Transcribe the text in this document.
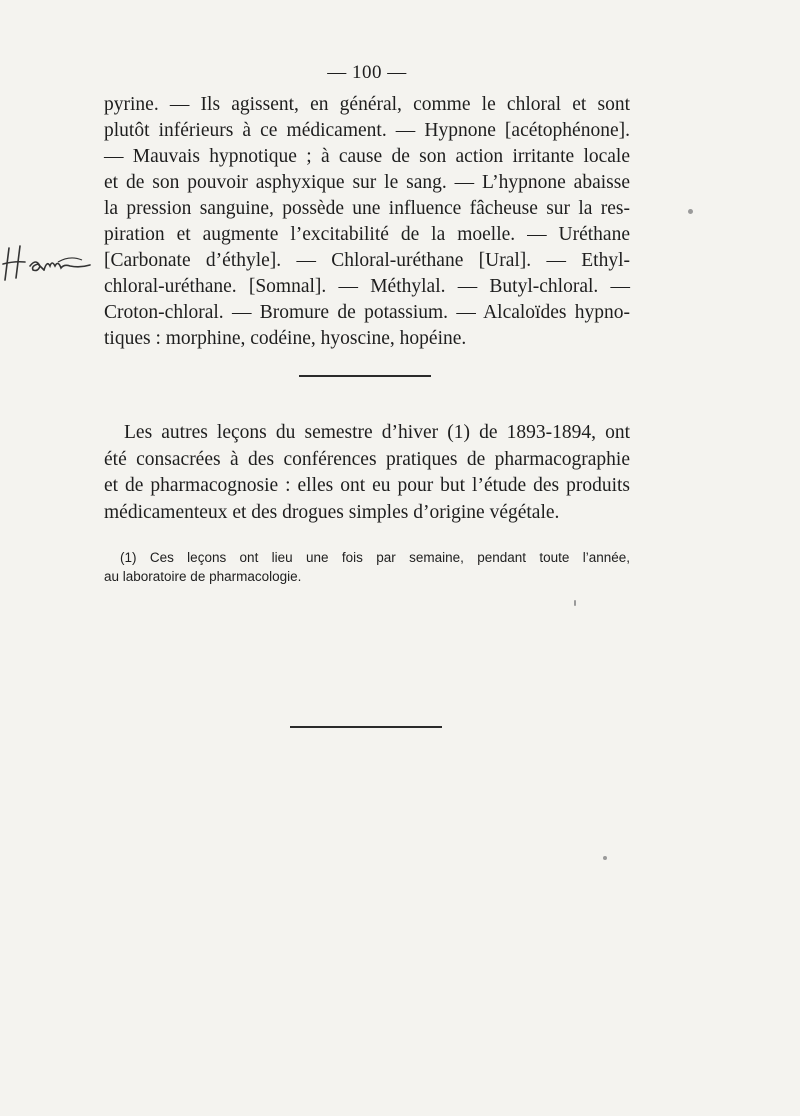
— 100 —
pyrine. — Ils agissent, en général, comme le chloral et sont
plutôt inférieurs à ce médicament. — Hypnone [acétophénone].
— Mauvais hypnotique ; à cause de son action irritante locale
et de son pouvoir asphyxique sur le sang. — L’hypnone abaisse
la pression sanguine, possède une influence fâcheuse sur la res-
piration et augmente l’excitabilité de la moelle. — Uréthane
[Carbonate d’éthyle]. — Chloral-uréthane [Ural]. — Ethyl-
chloral-uréthane. [Somnal]. — Méthylal. — Butyl-chloral. —
Croton-chloral. — Bromure de potassium. — Alcaloïdes hypno-
tiques : morphine, codéine, hyoscine, hopéine.
Les autres leçons du semestre d’hiver (1) de 1893-1894, ont
été consacrées à des conférences pratiques de pharmacographie
et de pharmacognosie : elles ont eu pour but l’étude des produits
médicamenteux et des drogues simples d’origine végétale.
(1) Ces leçons ont lieu une fois par semaine, pendant toute l’année,
au laboratoire de pharmacologie.
